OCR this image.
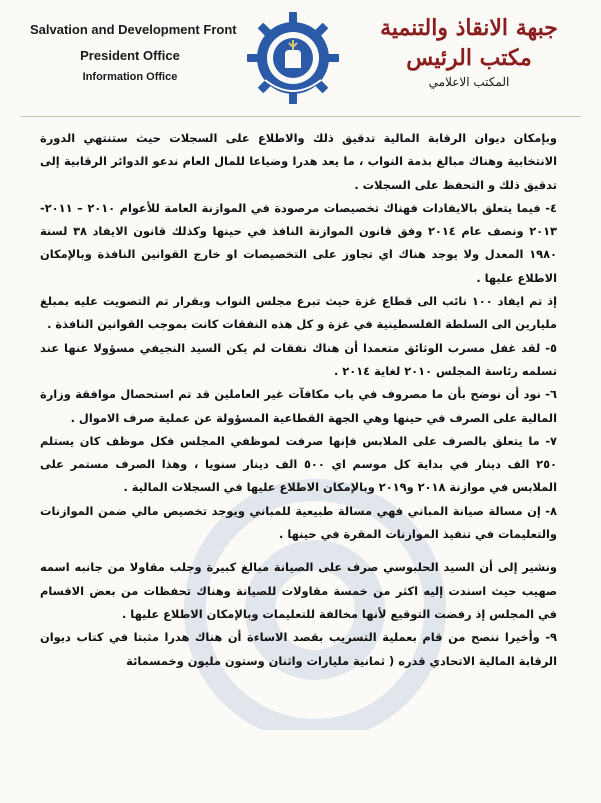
Salvation and Development Front
President Office
Information Office
جبهة الانقاذ والتنمية
مكتب الرئيس
المكتب الاعلامي

وبإمكان ديوان الرقابة المالية تدقيق ذلك والاطلاع على السجلات حيث ستنتهي الدورة الانتخابية وهناك مبالغ بذمة النواب ، ما يعد هدرا وضياعا للمال العام ندعو الدوائر الرقابية إلى تدقيق ذلك و التحفظ على السجلات .

٤- فيما يتعلق بالايفادات فهناك تخصيصات مرصودة في الموازنة العامة للأعوام ٢٠١٠ – ٢٠١١- ٢٠١٣ ونصف عام ٢٠١٤ وفق قانون الموازنة النافذ في حينها وكذلك قانون الايفاد ٣٨ لسنة ١٩٨٠ المعدل ولا يوجد هناك اي تجاوز على التخصيصات او خارج القوانين النافذة وبالإمكان الاطلاع عليها .

إذ تم ايفاد ١٠٠ نائب الى قطاع غزة حيث تبرع مجلس النواب وبقرار تم التصويت عليه بمبلغ مليارين الى السلطة الفلسطينية في غزة و كل هذه النفقات كانت بموجب القوانين النافذة .

٥- لقد غفل مسرب الوثائق متعمدا أن هناك نفقات لم يكن السيد النجيفي مسؤولا عنها عند تسلمه رئاسة المجلس ٢٠١٠ لغاية ٢٠١٤ .

٦- نود أن نوضح بأن ما مصروف في باب مكافآت غير العاملين قد تم استحصال موافقة وزارة المالية على الصرف في حينها وهي الجهة القطاعية المسؤولة عن عملية صرف الاموال .

٧- ما يتعلق بالصرف على الملابس فإنها صرفت لموظفي المجلس فكل موظف كان يستلم ٢٥٠ الف دينار في بداية كل موسم اي ٥٠٠ الف دينار سنويا ، وهذا الصرف مستمر على الملابس في موازنة ٢٠١٨ و٢٠١٩ وبالإمكان الاطلاع عليها في السجلات المالية .

٨- إن مسالة صيانة المباني فهي مسالة طبيعية للمباني ويوجد تخصيص مالي ضمن الموازنات والتعليمات في تنفيذ الموازنات المقرة في حينها .

ونشير إلى أن السيد الحلبوسي صرف على الصيانة مبالغ كبيرة وجلب مقاولا من جانبه اسمه صهيب حيث اسندت إليه اكثر من خمسة مقاولات للصيانة وهناك تحفظات من بعض الاقسام في المجلس إذ رفضت التوقيع لأنها مخالفة للتعليمات وبالإمكان الاطلاع عليها .

٩- وأخيرا ننصح من قام بعملية التسريب بقصد الاساءة أن هناك هدرا مثبتا في كتاب ديوان الرقابة المالية الاتحادي قدره ( ثمانية مليارات واثنان وستون مليون وخمسمائة
